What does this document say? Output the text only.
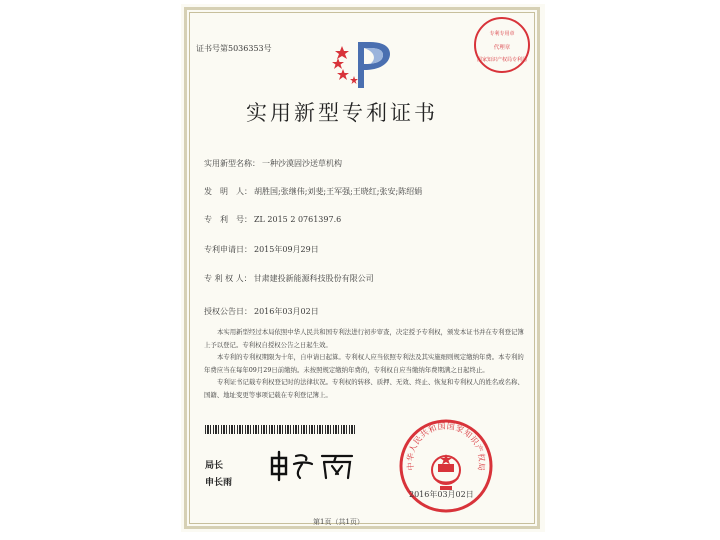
证书号第5036353号
专利专用章
代理章
国家知识产权局专利局
实用新型专利证书
实用新型名称： 一种沙漠固沙送草机构
发　明　人： 胡胜国;张继伟;刘斐;王军强;王晓红;张安;陈绍娟
专　利　号： ZL 2015 2 0761397.6
专利申请日： 2015年09月29日
专 利 权 人： 甘肃建投新能源科技股份有限公司
授权公告日： 2016年03月02日

本实用新型经过本局依照中华人民共和国专利法进行初步审查，决定授予专利权，颁发本证书并在专利登记簿上予以登记。专利权自授权公告之日起生效。

本专利的专利权期限为十年，自申请日起算。专利权人应当依照专利法及其实施细则规定缴纳年费。本专利的年费应当在每年09月29日前缴纳。未按照规定缴纳年费的，专利权自应当缴纳年费期满之日起终止。

专利证书记载专利权登记时的法律状况。专利权的转移、质押、无效、终止、恢复和专利权人的姓名或名称、国籍、地址变更等事项记载在专利登记簿上。

局长
申长雨
中华人民共和国国家知识产权局
2016年03月02日
第1页（共1页）
